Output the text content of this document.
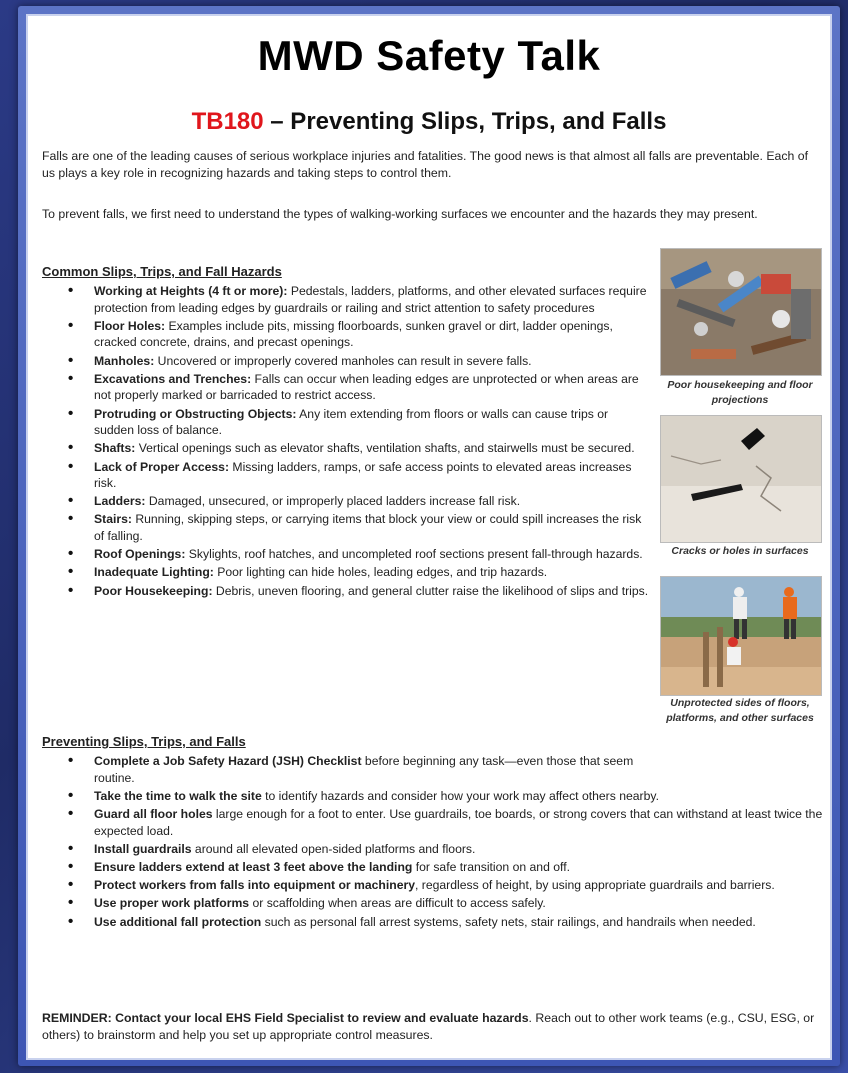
MWD Safety Talk
TB180 – Preventing Slips, Trips, and Falls
Falls are one of the leading causes of serious workplace injuries and fatalities. The good news is that almost all falls are preventable. Each of us plays a key role in recognizing hazards and taking steps to control them.
To prevent falls, we first need to understand the types of walking-working surfaces we encounter and the hazards they may present.
Common Slips, Trips, and Fall Hazards
• Working at Heights (4 ft or more): Pedestals, ladders, platforms, and other elevated surfaces require protection from leading edges by guardrails or railing and strict attention to safety procedures
• Floor Holes: Examples include pits, missing floorboards, sunken gravel or dirt, ladder openings, cracked concrete, drains, and precast openings.
• Manholes: Uncovered or improperly covered manholes can result in severe falls.
• Excavations and Trenches: Falls can occur when leading edges are unprotected or when areas are not properly marked or barricaded to restrict access.
• Protruding or Obstructing Objects: Any item extending from floors or walls can cause trips or sudden loss of balance.
• Shafts: Vertical openings such as elevator shafts, ventilation shafts, and stairwells must be secured.
• Lack of Proper Access: Missing ladders, ramps, or safe access points to elevated areas increases risk.
• Ladders: Damaged, unsecured, or improperly placed ladders increase fall risk.
• Stairs: Running, skipping steps, or carrying items that block your view or could spill increases the risk of falling.
• Roof Openings: Skylights, roof hatches, and uncompleted roof sections present fall-through hazards.
• Inadequate Lighting: Poor lighting can hide holes, leading edges, and trip hazards.
• Poor Housekeeping: Debris, uneven flooring, and general clutter raise the likelihood of slips and trips.
Poor housekeeping and floor projections
Cracks or holes in surfaces
Unprotected sides of floors, platforms, and other surfaces
Preventing Slips, Trips, and Falls
• Complete a Job Safety Hazard (JSH) Checklist before beginning any task—even those that seem routine.
• Take the time to walk the site to identify hazards and consider how your work may affect others nearby.
• Guard all floor holes large enough for a foot to enter. Use guardrails, toe boards, or strong covers that can withstand at least twice the expected load.
• Install guardrails around all elevated open-sided platforms and floors.
• Ensure ladders extend at least 3 feet above the landing for safe transition on and off.
• Protect workers from falls into equipment or machinery, regardless of height, by using appropriate guardrails and barriers.
• Use proper work platforms or scaffolding when areas are difficult to access safely.
• Use additional fall protection such as personal fall arrest systems, safety nets, stair railings, and handrails when needed.
REMINDER: Contact your local EHS Field Specialist to review and evaluate hazards. Reach out to other work teams (e.g., CSU, ESG, or others) to brainstorm and help you set up appropriate control measures.
